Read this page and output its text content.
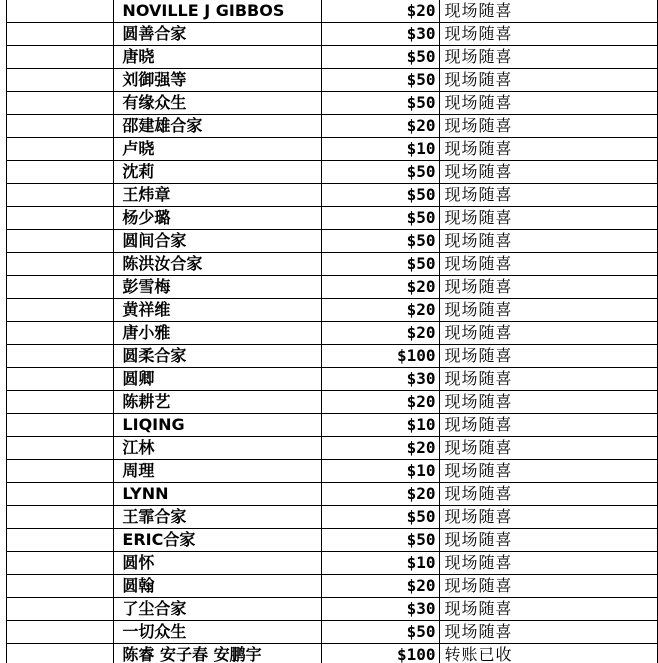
	NOVILLE J GIBBOS	$20	现场随喜
	圆善合家	$30	现场随喜
	唐晓	$50	现场随喜
	刘御强等	$50	现场随喜
	有缘众生	$50	现场随喜
	邵建雄合家	$20	现场随喜
	卢晓	$10	现场随喜
	沈莉	$50	现场随喜
	王炜章	$50	现场随喜
	杨少璐	$50	现场随喜
	圆间合家	$50	现场随喜
	陈洪汝合家	$50	现场随喜
	彭雪梅	$20	现场随喜
	黄祥维	$20	现场随喜
	唐小雅	$20	现场随喜
	圆柔合家	$100	现场随喜
	圆卿	$30	现场随喜
	陈耕艺	$20	现场随喜
	LIQING	$10	现场随喜
	江林	$20	现场随喜
	周理	$10	现场随喜
	LYNN	$20	现场随喜
	王霏合家	$50	现场随喜
	ERIC合家	$50	现场随喜
	圆怀	$10	现场随喜
	圆翰	$20	现场随喜
	了尘合家	$30	现场随喜
	一切众生	$50	现场随喜
	陈睿 安子春 安鹏宇	$100	转账已收
